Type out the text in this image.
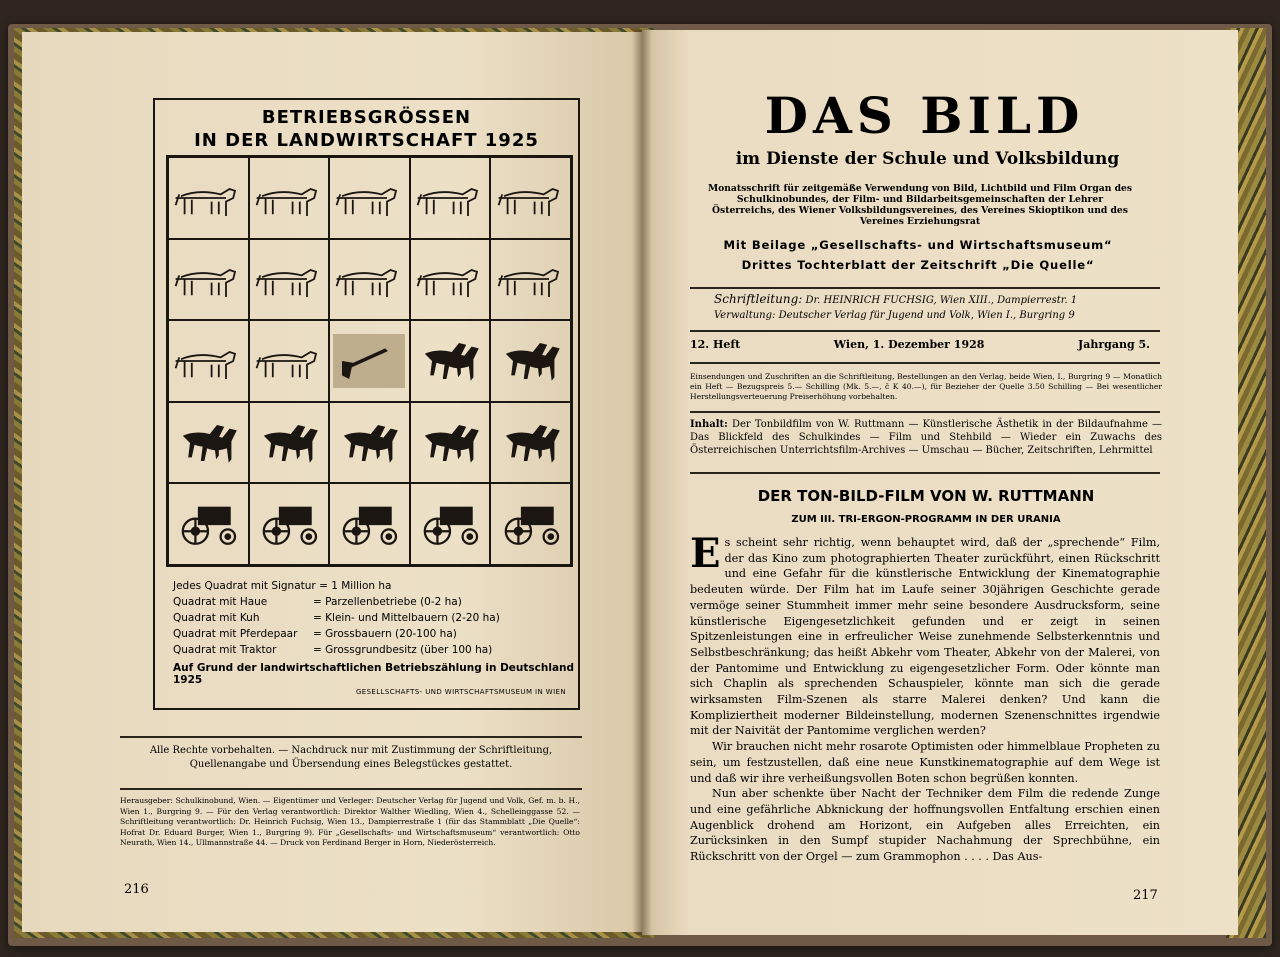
BETRIEBSGRÖSSEN
IN DER LANDWIRTSCHAFT 1925
Jedes Quadrat mit Signatur = 1 Million ha
Quadrat mit Haue	= Parzellenbetriebe (0-2 ha)
Quadrat mit Kuh	= Klein- und Mittelbauern (2-20 ha)
Quadrat mit Pferdepaar	= Grossbauern (20-100 ha)
Quadrat mit Traktor	= Grossgrundbesitz (über 100 ha)
Auf Grund der landwirtschaftlichen Betriebszählung in Deutschland 1925
GESELLSCHAFTS- UND WIRTSCHAFTSMUSEUM IN WIEN
Alle Rechte vorbehalten. — Nachdruck nur mit Zustimmung der Schriftleitung, Quellenangabe und Übersendung eines Belegstückes gestattet.
Herausgeber: Schulkinobund, Wien. — Eigentümer und Verleger: Deutscher Verlag für Jugend und Volk, Gef. m. b. H., Wien 1., Burgring 9. — Für den Verlag verantwortlich: Direktor Walther Wiedling, Wien 4., Schelleinggasse 52. — Schriftleitung verantwortlich: Dr. Heinrich Fuchsig, Wien 13., Dampierrestraße 1 (für das Stammblatt „Die Quelle“: Hofrat Dr. Eduard Burger, Wien 1., Burgring 9). Für „Gesellschafts- und Wirtschaftsmuseum“ verantwortlich: Otto Neurath, Wien 14., Ullmannstraße 44. — Druck von Ferdinand Berger in Horn, Niederösterreich.
216
DAS BILD
im Dienste der Schule und Volksbildung
Monatsschrift für zeitgemäße Verwendung von Bild, Lichtbild und Film Organ des Schulkinobundes, der Film- und Bildarbeitsgemeinschaften der Lehrer Österreichs, des Wiener Volksbildungsvereines, des Vereines Skioptikon und des Vereines Erziehungsrat
Mit Beilage „Gesellschafts- und Wirtschaftsmuseum“
Drittes Tochterblatt der Zeitschrift „Die Quelle“
Schriftleitung: Dr. HEINRICH FUCHSIG, Wien XIII., Dampierrestr. 1
Verwaltung: Deutscher Verlag für Jugend und Volk, Wien I., Burgring 9
12. Heft	Wien, 1. Dezember 1928	Jahrgang 5.
Einsendungen und Zuschriften an die Schriftleitung, Bestellungen an den Verlag, beide Wien, I., Burgring 9 — Monatlich ein Heft — Bezugspreis 5.— Schilling (Mk. 5.—, č K 40.—), für Bezieher der Quelle 3.50 Schilling — Bei wesentlicher Herstellungsverteuerung Preiserhöhung vorbehalten.
Inhalt: Der Tonbildfilm von W. Ruttmann — Künstlerische Ästhetik in der Bildaufnahme — Das Blickfeld des Schulkindes — Film und Stehbild — Wieder ein Zuwachs des Österreichischen Unterrichtsfilm-Archives — Umschau — Bücher, Zeitschriften, Lehrmittel
DER TON-BILD-FILM VON W. RUTTMANN
ZUM III. TRI-ERGON-PROGRAMM IN DER URANIA

Es scheint sehr richtig, wenn behauptet wird, daß der „sprechende“ Film, der das Kino zum photographierten Theater zurückführt, einen Rückschritt und eine Gefahr für die künstlerische Entwicklung der Kinematographie bedeuten würde. Der Film hat im Laufe seiner 30jährigen Geschichte gerade vermöge seiner Stummheit immer mehr seine besondere Ausdrucksform, seine künstlerische Eigengesetzlichkeit gefunden und er zeigt in seinen Spitzenleistungen eine in erfreulicher Weise zunehmende Selbsterkenntnis und Selbstbeschränkung; das heißt Abkehr vom Theater, Abkehr von der Malerei, von der Pantomime und Entwicklung zu eigengesetzlicher Form. Oder könnte man sich Chaplin als sprechenden Schauspieler, könnte man sich die gerade wirksamsten Film-Szenen als starre Malerei denken? Und kann die Kompliziertheit moderner Bildeinstellung, modernen Szenenschnittes irgendwie mit der Naivität der Pantomime verglichen werden?

Wir brauchen nicht mehr rosarote Optimisten oder himmelblaue Propheten zu sein, um festzustellen, daß eine neue Kunstkinematographie auf dem Wege ist und daß wir ihre verheißungsvollen Boten schon begrüßen konnten.

Nun aber schenkte über Nacht der Techniker dem Film die redende Zunge und eine gefährliche Abknickung der hoffnungsvollen Entfaltung erschien einen Augenblick drohend am Horizont, ein Aufgeben alles Erreichten, ein Zurücksinken in den Sumpf stupider Nachahmung der Sprechbühne, ein Rückschritt von der Orgel — zum Grammophon . . . . Das Aus-

217
